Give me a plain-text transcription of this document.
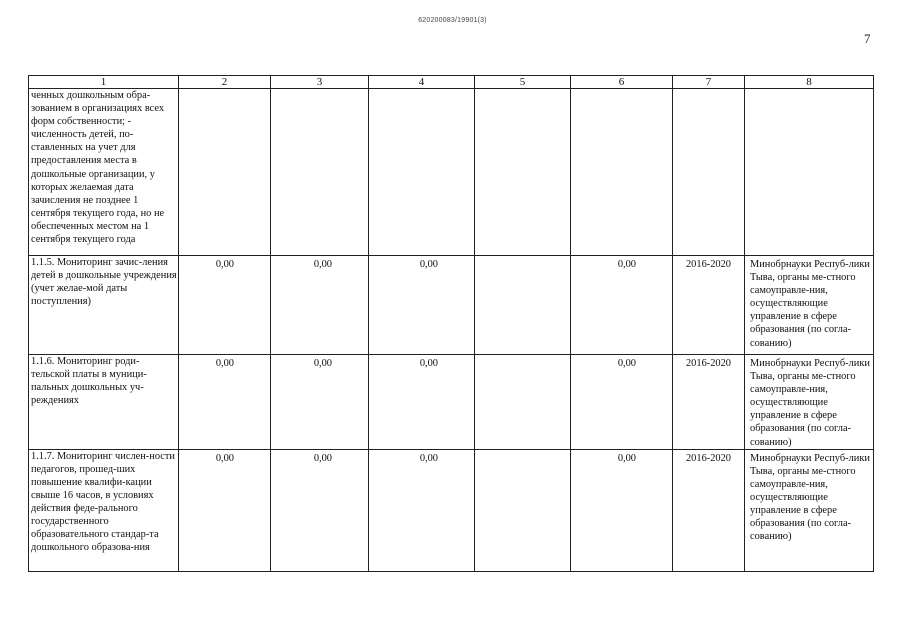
620200083/19901(3)
7
1	2	3	4	5	6	7	8
ченных дошкольным обра-зованием в организациях всех форм собственности; - численность детей, по-ставленных на учет для предоставления места в дошкольные организации, у которых желаемая дата зачисления не позднее 1 сентября текущего года, но не обеспеченных местом на 1 сентября текущего года							
1.1.5. Мониторинг зачис-ления детей в дошкольные учреждения (учет желае-мой даты поступления)	0,00	0,00	0,00		0,00	2016-2020	Минобрнауки Респуб-лики Тыва, органы ме-стного самоуправле-ния, осуществляющие управление в сфере образования (по согла-сованию)
1.1.6. Мониторинг роди-тельской платы в муници-пальных дошкольных уч-реждениях	0,00	0,00	0,00		0,00	2016-2020	Минобрнауки Респуб-лики Тыва, органы ме-стного самоуправле-ния, осуществляющие управление в сфере образования (по согла-сованию)
1.1.7. Мониторинг числен-ности педагогов, прошед-ших повышение квалифи-кации свыше 16 часов, в условиях действия феде-рального государственного образовательного стандар-та дошкольного образова-ния	0,00	0,00	0,00		0,00	2016-2020	Минобрнауки Респуб-лики Тыва, органы ме-стного самоуправле-ния, осуществляющие управление в сфере образования (по согла-сованию)
